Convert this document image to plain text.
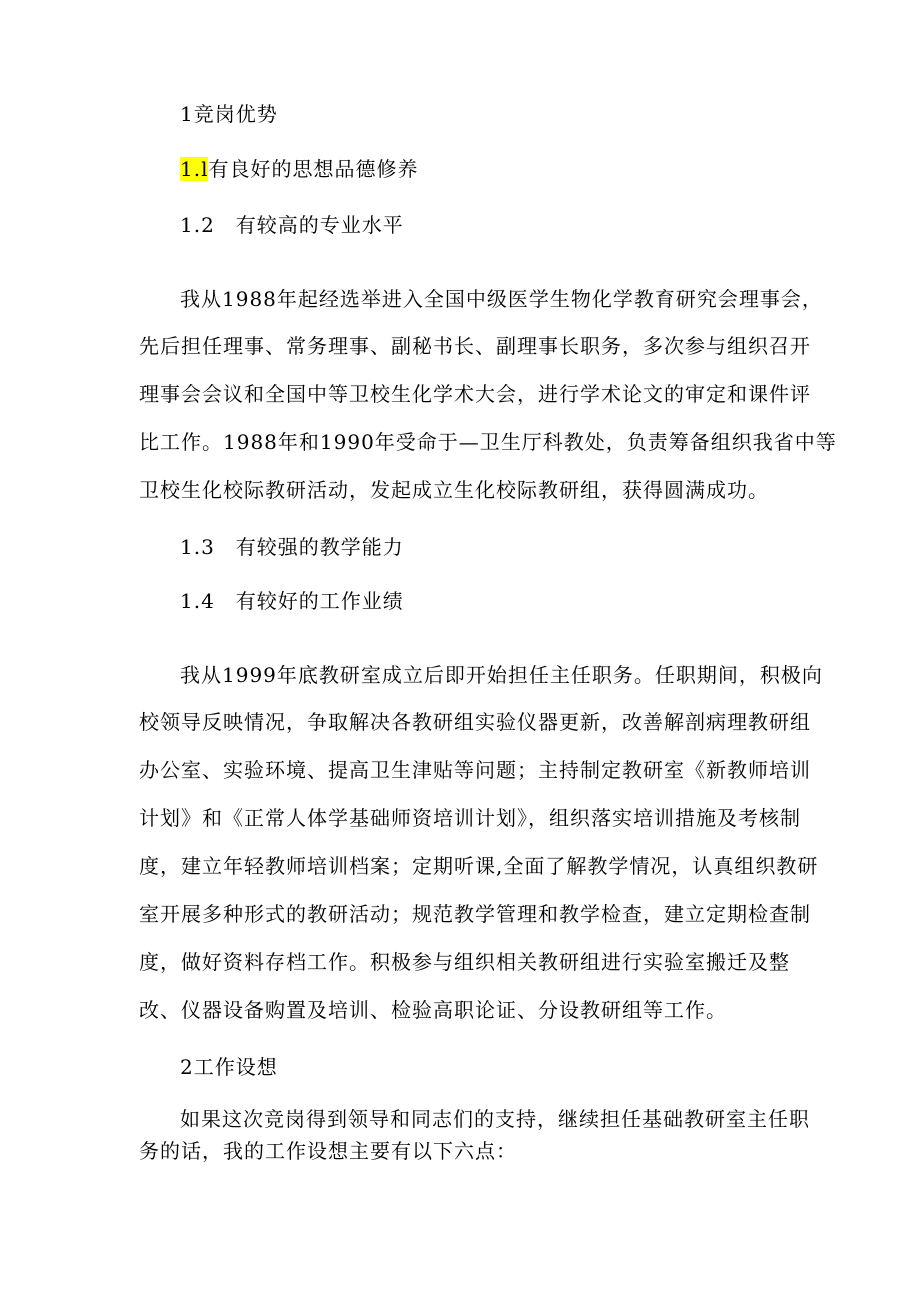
1竞岗优势
1.l有良好的思想品德修养
1.2　有较高的专业水平
我从1988年起经选举进入全国中级医学生物化学教育研究会理事会，
先后担任理事、常务理事、副秘书长、副理事长职务，多次参与组织召开
理事会会议和全国中等卫校生化学术大会，进行学术论文的审定和课件评
比工作。1988年和1990年受命于—卫生厅科教处，负责筹备组织我省中等
卫校生化校际教研活动，发起成立生化校际教研组，获得圆满成功。
1.3　有较强的教学能力
1.4　有较好的工作业绩
我从1999年底教研室成立后即开始担任主任职务。任职期间，积极向
校领导反映情况，争取解决各教研组实验仪器更新，改善解剖病理教研组
办公室、实验环境、提高卫生津贴等问题；主持制定教研室《新教师培训
计划》和《正常人体学基础师资培训计划》，组织落实培训措施及考核制
度，建立年轻教师培训档案；定期听课,全面了解教学情况，认真组织教研
室开展多种形式的教研活动；规范教学管理和教学检查，建立定期检查制
度，做好资料存档工作。积极参与组织相关教研组进行实验室搬迁及整
改、仪器设备购置及培训、检验高职论证、分设教研组等工作。
2工作设想
如果这次竞岗得到领导和同志们的支持，继续担任基础教研室主任职
务的话，我的工作设想主要有以下六点：
